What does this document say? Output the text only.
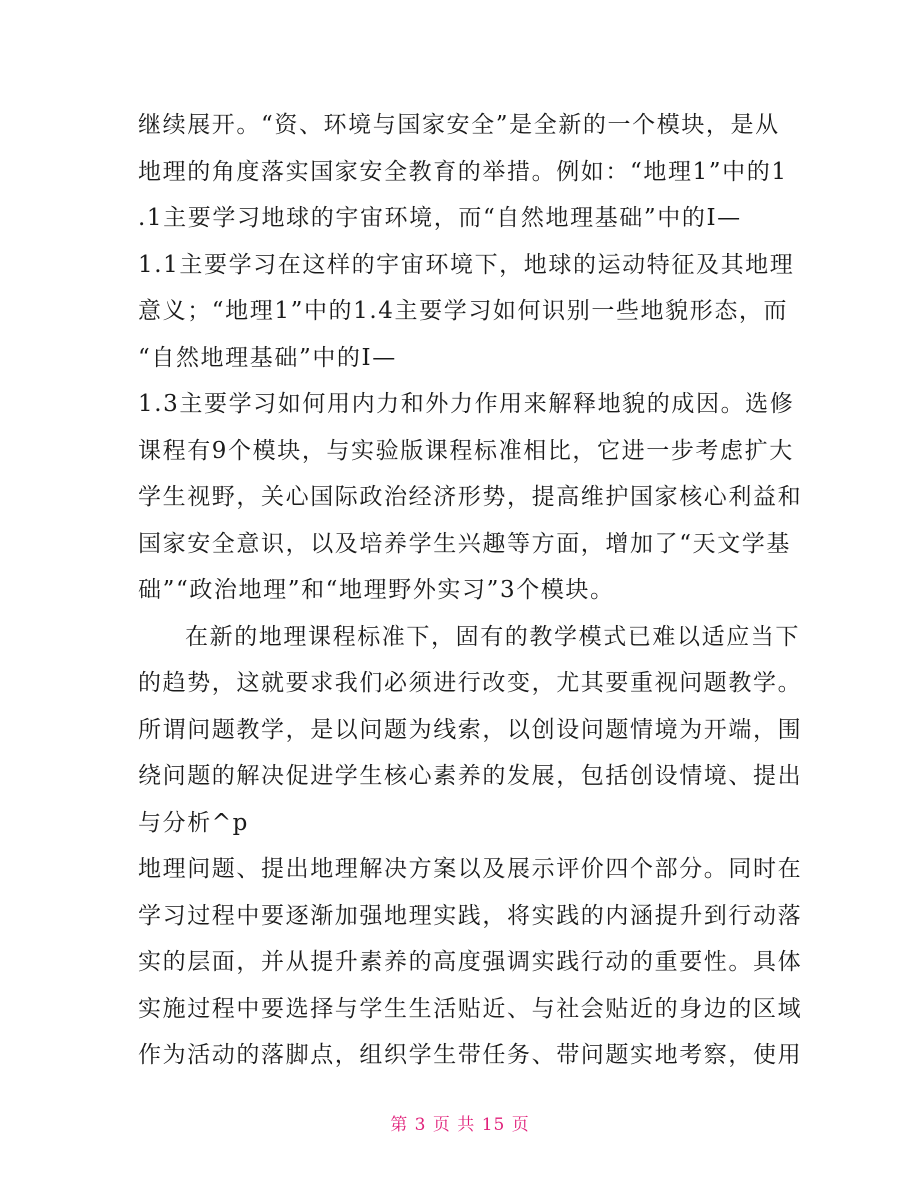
继续展开。“资、环境与国家安全”是全新的一个模块，是从
地理的角度落实国家安全教育的举措。例如：“地理1”中的1
.1主要学习地球的宇宙环境，而“自然地理基础”中的I—
1.1主要学习在这样的宇宙环境下，地球的运动特征及其地理
意义；“地理1”中的1.4主要学习如何识别一些地貌形态，而
“自然地理基础”中的I—
1.3主要学习如何用内力和外力作用来解释地貌的成因。选修
课程有9个模块，与实验版课程标准相比，它进一步考虑扩大
学生视野，关心国际政治经济形势，提高维护国家核心利益和
国家安全意识，以及培养学生兴趣等方面，增加了“天文学基
础”“政治地理”和“地理野外实习”3个模块。
在新的地理课程标准下，固有的教学模式已难以适应当下
的趋势，这就要求我们必须进行改变，尤其要重视问题教学。
所谓问题教学，是以问题为线索，以创设问题情境为开端，围
绕问题的解决促进学生核心素养的发展，包括创设情境、提出
与分析^p
地理问题、提出地理解决方案以及展示评价四个部分。同时在
学习过程中要逐渐加强地理实践，将实践的内涵提升到行动落
实的层面，并从提升素养的高度强调实践行动的重要性。具体
实施过程中要选择与学生生活贴近、与社会贴近的身边的区域
作为活动的落脚点，组织学生带任务、带问题实地考察，使用
第 3 页 共 15 页
